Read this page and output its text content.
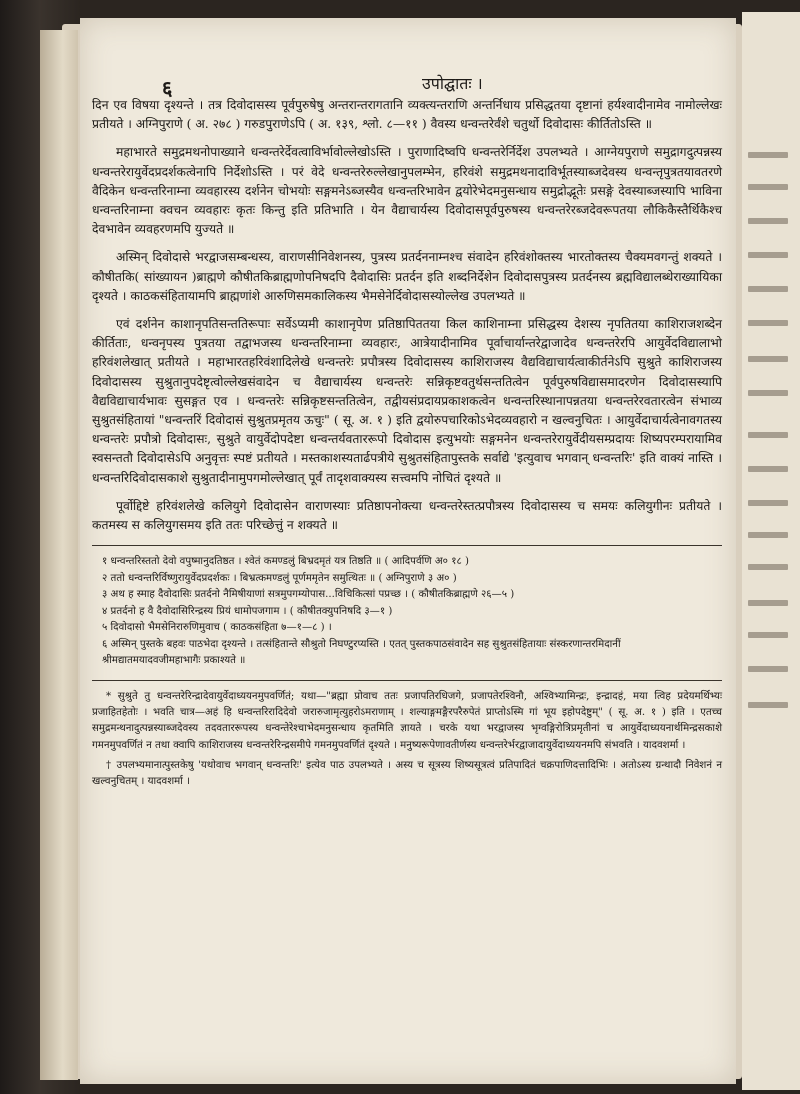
६	उपोद्घातः ।

दिन एव विषया दृश्यन्ते । तत्र दिवोदासस्य पूर्वपुरुषेषु अन्तरान्तरागतानि व्यक्त्यन्तराणि अन्तर्निधाय प्रसिद्धतया दृष्टानां हर्यश्वादीनामेव नामोल्लेखः प्रतीयते । अग्निपुराणे ( अ. २७८ ) गरुडपुराणेऽपि ( अ. १३९, श्लो. ८—११ ) वैवस्य धन्वन्तरेर्वंशे चतुर्थो दिवोदासः कीर्तितोऽस्ति ॥

महाभारते समुद्रमथनोपाख्याने धन्वन्तरेर्देवत्वाविर्भावोल्लेखोऽस्ति । पुराणादिष्वपि धन्वन्तरेर्निर्देश उपलभ्यते । आग्नेयपुराणे समुद्रागदुत्पन्नस्य धन्वन्तरेरायुर्वेदप्रदर्शकत्वेनापि निर्देशोऽस्ति । परं वेदे धन्वन्तरेरुल्लेखानुपलम्भेन, हरिवंशे समुद्रमथनादाविर्भूतस्याब्जदेवस्य धन्वन्तृपुत्रतयावतरणे वैदिकेन धन्वन्तरिनाम्ना व्यवहारस्य दर्शनेन चोभयोः सङ्गमनेऽब्जस्यैव धन्वन्तरिभावेन द्वयोरेभेदमनुसन्धाय समुद्रोद्भूतेः प्रसङ्गे देवस्याब्जस्यापि भाविना धन्वन्तरिनाम्ना क्वचन व्यवहारः कृतः किन्तु इति प्रतिभाति । येन वैद्याचार्यस्य दिवोदासपूर्वपुरुषस्य धन्वन्तरेरब्जदेवरूपतया लौकिकैस्तैर्थिकैश्च देवभावेन व्यवहरणमपि युज्यते ॥

अस्मिन् दिवोदासे भरद्वाजसम्बन्धस्य, वाराणसीनिवेशनस्य, पुत्रस्य प्रतर्दननाम्नश्च संवादेन हरिवंशोक्तस्य भारतोक्तस्य चैक्यमवगन्तुं शक्यते । कौषीतकि( सांख्यायन )ब्राह्मणे कौषीतकिब्राह्मणोपनिषदपि दैवोदासिः प्रतर्दन इति शब्दनिर्देशेन दिवोदासपुत्रस्य प्रतर्दनस्य ब्रह्मविद्यालब्धेराख्यायिका दृश्यते । काठकसंहितायामपि ब्राह्मणांशे आरुणिसमकालिकस्य भैमसेनेर्दिवोदासस्योल्लेख उपलभ्यते ॥

एवं दर्शनेन काशानृपतिसन्ततिरूपाः सर्वेऽप्यमी काशानृपेण प्रतिष्ठापिततया किल काशिनाम्ना प्रसिद्धस्य देशस्य नृपतितया काशिराजशब्देन कीर्तिताः, धन्वनृपस्य पुत्रतया तद्वाभजस्य धन्वन्तरिनाम्ना व्यवहारः, आत्रेयादीनामिव पूर्वाचार्यान्तरेद्वाजादेव धन्वन्तरेरपि आयुर्वेदविद्यालाभो हरिवंशलेखात् प्रतीयते । महाभारतहरिवंशादिलेखे धन्वन्तरेः प्रपौत्रस्य दिवोदासस्य काशिराजस्य वैद्यविद्याचार्यत्वाकीर्तनेऽपि सुश्रुते काशिराजस्य दिवोदासस्य सुश्रुतानुपदेष्टृत्वोल्लेखसंवादेन च वैद्याचार्यस्य धन्वन्तरेः सन्निकृष्टवतुर्थसन्ततित्वेन पूर्वपुरुषविद्यासमादरणेन दिवोदासस्यापि वैद्यविद्याचार्यभावः सुसङ्गत एव । धन्वन्तरेः सन्निकृष्टसन्ततित्वेन, तद्वीयसंप्रदायप्रकाशकत्वेन धन्वन्तरिस्थानापन्नतया धन्वन्तरेरवतारत्वेन संभाव्य सुश्रुतसंहितायां "धन्वन्तरिं दिवोदासं सुश्रुतप्रमृतय ऊचुः" ( सू. अ. १ ) इति द्वयोरुपचारिकोऽभेदव्यवहारो न खल्वनुचितः । आयुर्वेदाचार्यत्वेनावगतस्य धन्वन्तरेः प्रपौत्रो दिवोदासः, सुश्रुते वायुर्वेदोपदेष्टा धन्वन्तर्यवताररूपो दिवोदास इत्युभयोः सङ्गमनेन धन्वन्तरेरायुर्वेदीयसम्प्रदायः शिष्यपरम्परायामिव स्वसन्ततौ दिवोदासेऽपि अनुवृत्तः स्पष्टं प्रतीयते । मस्तकाशस्यतार्ढपत्रीये सुश्रुतसंहितापुस्तके सर्वाद्ये 'इत्युवाच भगवान् धन्वन्तरिः' इति वाक्यं नास्ति । धन्वन्तरिदिवोदासकाशे सुश्रुतादीनामुपगमोल्लेखात् पूर्वं तादृशवाक्यस्य सत्त्वमपि नोचितं दृश्यते ॥

पूर्वोद्दिष्टे हरिवंशलेखे कलियुगे दिवोदासेन वाराणस्याः प्रतिष्ठापनोक्त्या धन्वन्तरेस्तत्प्रपौत्रस्य दिवोदासस्य च समयः कलियुगीनः प्रतीयते । कतमस्य स कलियुगसमय इति ततः परिच्छेत्तुं न शक्यते ॥

१ धन्वन्तरिस्ततो देवो वपुष्मानुदतिष्ठत । श्वेतं कमण्डलुं बिभ्रदमृतं यत्र तिष्ठति ॥ ( आदिपर्वणि अ० १८ )
२ ततो धन्वन्तरिर्विष्णुरायुर्वेदप्रदर्शकः । बिभ्रत्कमण्डलुं पूर्णममृतेन समुत्थितः ॥ ( अग्निपुराणे ३ अ० )
३ अथ ह स्माह दैवोदासिः प्रतर्दनो नैमिषीयाणां सत्रमुपगम्योपास...विचिकित्सां पप्रच्छ । ( कौषीतकिब्राह्मणे २६—५ )
४ प्रतर्दनो ह वै दैवोदासिरिन्द्रस्य प्रियं धामोपजगाम । ( कौषीतक्युपनिषदि ३—१ )
५ दिवोदासो भैमसेनिरारुणिमुवाच ( काठकसंहिता ७—१—८ ) ।
६ अस्मिन् पुस्तके बहवः पाठभेदा दृश्यन्ते । तत्संहितान्ते सौश्रुतो निघण्टुरप्यस्ति । एतत् पुस्तकपाठसंवादेन सह सुश्रुतसंहितायाः संस्करणान्तरमिदानीं श्रीमद्यातमयादवजीमहाभागैः प्रकाश्यते ॥

* सुश्रुते तु धन्वन्तरेरिन्द्रादेवायुर्वेदाध्ययनमुपवर्णितं; यथा—"ब्रह्मा प्रोवाच ततः प्रजापतिरधिजगे, प्रजापतेरश्विनौ, अश्विभ्यामिन्द्रः, इन्द्रादहं, मया त्विह प्रदेयमर्थिभ्यः प्रजाहितहेतोः । भवति चात्र—अहं हि धन्वन्तरिरादिदेवो जरारुजामृत्युहरोऽमराणाम् । शल्याङ्गमङ्गैरपरैरुपेतं प्राप्तोऽस्मि गां भूय इहोपदेष्टुम्" ( सू. अ. १ ) इति । एतच्च समुद्रमन्थनादुत्पन्नस्याब्जदेवस्य तदवताररूपस्य धन्वन्तेरेश्चाभेदमनुसन्धाय कृतमिति ज्ञायते । चरके यथा भरद्वाजस्य भृग्वङ्गिरोत्रिप्रमृतीनां च आयुर्वेदाध्ययनार्थमिन्द्रसकाशे गमनमुपवर्णितं न तथा क्वापि काशिराजस्य धन्वन्तरेरिन्द्रसमीपे गमनमुपवर्णितं दृश्यते । मनुष्यरूपेणावतीर्णस्य धन्वन्तरेर्भरद्वाजादायुर्वेदाध्ययनमपि संभवति । यादवशर्मा ।

† उपलभ्यमानात्पुस्तकेषु 'यथोवाच भगवान् धन्वन्तरिः' इत्येव पाठ उपलभ्यते । अस्य च सूत्रस्य शिष्यसूत्रत्वं प्रतिपादितं चक्रपाणिदत्तादिभिः । अतोऽस्य ग्रन्थादौ निवेशनं न खल्वनुचितम् । यादवशर्मा ।
